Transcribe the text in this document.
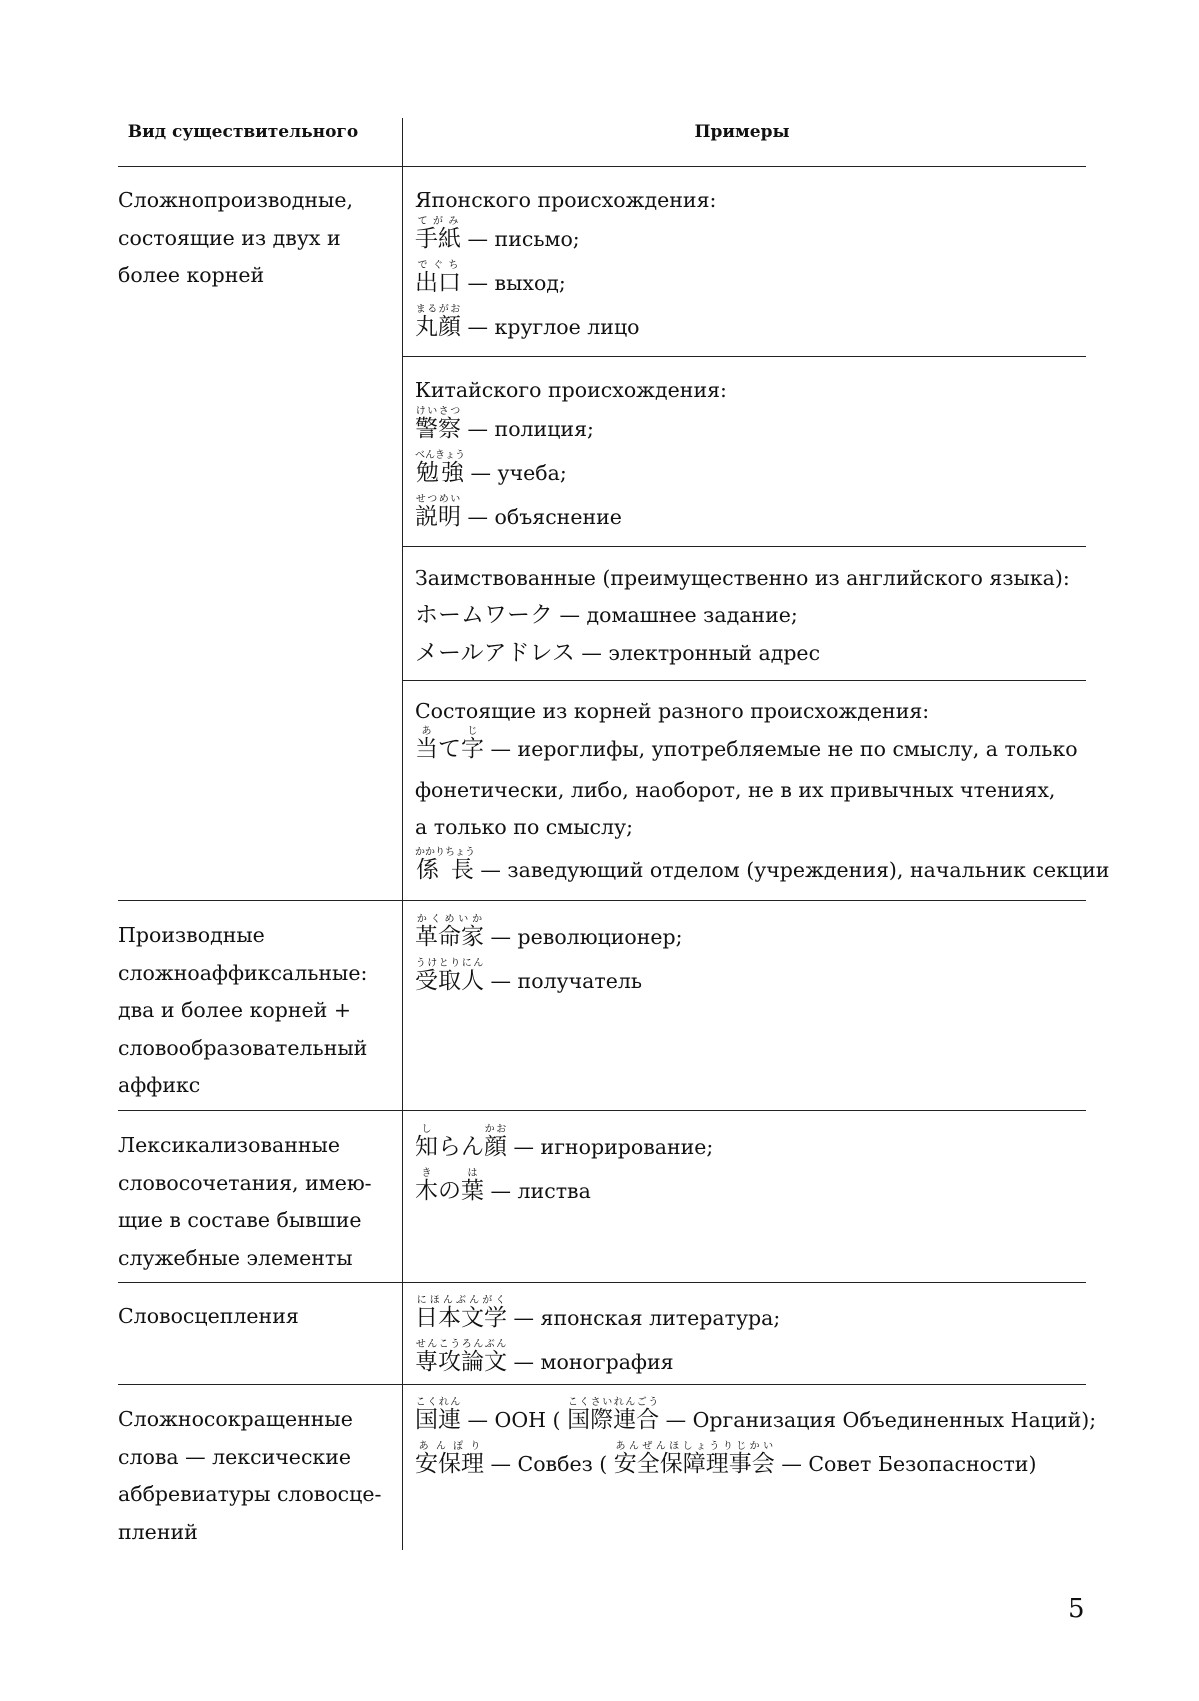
Вид существительного	Примеры
Сложнопроизводные,
состоящие из двух и
более корней
Японского происхождения:
手紙てがみ — письмо;
出口でぐち — выход;
丸顔まるがお — круглое лицо
Китайского происхождения:
警察けいさつ — полиция;
勉強べんきょう — учеба;
説明せつめい — объяснение
Заимствованные (преимущественно из английского языка):
ホームワーク — домашнее задание;
メールアドレス — электронный адрес
Состоящие из корней разного происхождения:
当あて字じ — иероглифы, употребляемые не по смыслу, а только
фонетически, либо, наоборот, не в их привычных чтениях,
а только по смыслу;
係 長かかりちょう — заведующий отделом (учреждения), начальник секции
Производные
сложноаффиксальные:
два и более корней +
словообразовательный
аффикс
革命家かくめいか — революционер;
受取人うけとりにん — получатель
Лексикализованные
словосочетания, имею-
щие в составе бывшие
служебные элементы
知しらん顔かお — игнорирование;
木きの葉は — листва
Словосцепления	日本文学にほんぶんがく — японская литература;
専攻論文せんこうろんぶん — монография
Сложносокращенные
слова — лексические
аббревиатуры словосце-
плений
国連こくれん — ООН ( 国際連合こくさいれんごう — Организация Объединенных Наций);
安保理あんぽり — Совбез ( 安全保障理事会あんぜんほしょうりじかい — Совет Безопасности)
5
